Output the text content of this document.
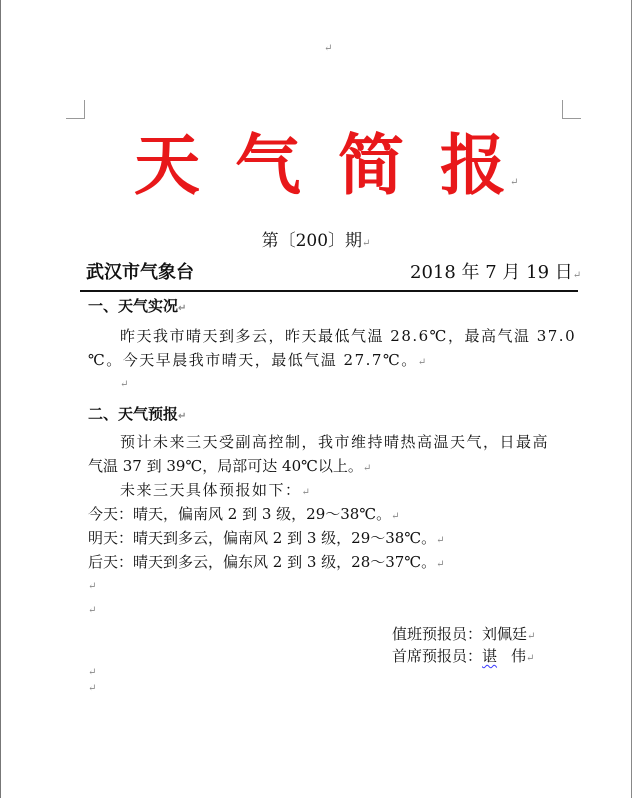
↵
天 气 简 报 ↵
第〔200〕期↵
武汉市气象台	2018 年 7 月 19 日↵
一、天气实况↵
昨天我市晴天到多云，昨天最低气温 28.6℃，最高气温 37.0
℃。今天早晨我市晴天，最低气温 27.7℃。↵
↵
二、天气预报↵
预计未来三天受副高控制，我市维持晴热高温天气，日最高
气温 37 到 39℃，局部可达 40℃以上。↵
未来三天具体预报如下：↵
今天：晴天，偏南风 2 到 3 级，29～38℃。↵
明天：晴天到多云，偏南风 2 到 3 级，29～38℃。↵
后天：晴天到多云，偏东风 2 到 3 级，28～37℃。↵
↵
↵
值班预报员：刘佩廷↵
首席预报员：谌 伟↵
↵
↵
